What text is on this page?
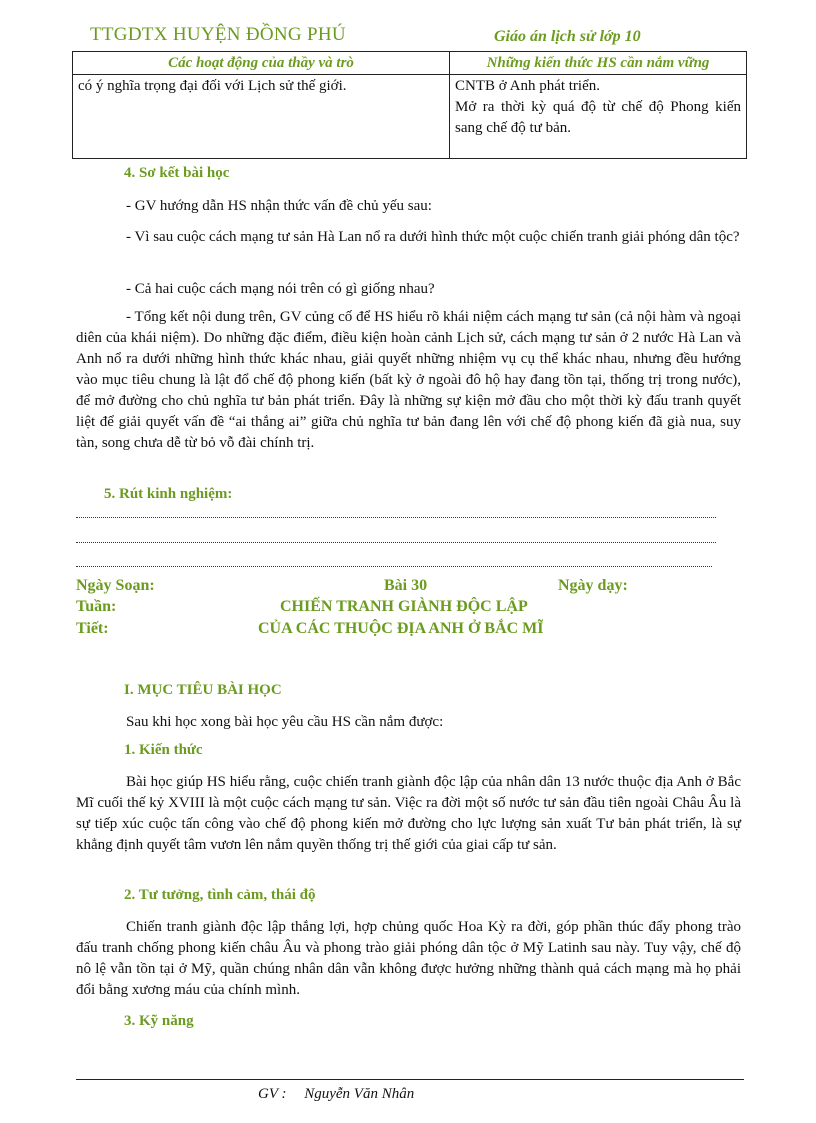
TTGDTX HUYỆN ĐỒNG PHÚ	Giáo án lịch sử lớp 10
Các hoạt động của thầy và trò	Những kiến thức HS cần nắm vững
có ý nghĩa trọng đại đối với Lịch sử thế giới.	CNTB ở Anh phát triển.
Mở ra thời kỳ quá độ từ chế độ Phong kiến sang chế độ tư bản.
4. Sơ kết bài học

- GV hướng dẫn HS nhận thức vấn đề chủ yếu sau:

- Vì sau cuộc cách mạng tư sản Hà Lan nổ ra dưới hình thức một cuộc chiến tranh giải phóng dân tộc?

- Cả hai cuộc cách mạng nói trên có gì giống nhau?

- Tổng kết nội dung trên, GV củng cố để HS hiểu rõ khái niệm cách mạng tư sản (cả nội hàm và ngoại diên của khái niệm). Do những đặc điểm, điều kiện hoàn cảnh Lịch sử, cách mạng tư sản ở 2 nước Hà Lan và Anh nổ ra dưới những hình thức khác nhau, giải quyết những nhiệm vụ cụ thể khác nhau, nhưng đều hướng vào mục tiêu chung là lật đổ chế độ phong kiến (bất kỳ ở ngoài đô hộ hay đang tồn tại, thống trị trong nước), để mở đường cho chủ nghĩa tư bản phát triển. Đây là những sự kiện mở đầu cho một thời kỳ đấu tranh quyết liệt để giải quyết vấn đề “ai thắng ai” giữa chủ nghĩa tư bản đang lên với chế độ phong kiến đã già nua, suy tàn, song chưa dễ từ bỏ vỗ đài chính trị.

5. Rút kinh nghiệm:
Ngày Soạn:	Bài 30	Ngày dạy:
Tuần:	CHIẾN TRANH GIÀNH ĐỘC LẬP
Tiết:	CỦA CÁC THUỘC ĐỊA ANH Ở BẮC MĨ
I. MỤC TIÊU BÀI HỌC

Sau khi học xong bài học yêu cầu HS cần nắm được:

1. Kiến thức

Bài học giúp HS hiểu rằng, cuộc chiến tranh giành độc lập của nhân dân 13 nước thuộc địa Anh ở Bắc Mĩ cuối thế kỷ XVIII là một cuộc cách mạng tư sản. Việc ra đời một số nước tư sản đầu tiên ngoài Châu Âu là sự tiếp xúc cuộc tấn công vào chế độ phong kiến mở đường cho lực lượng sản xuất Tư bản phát triển, là sự khẳng định quyết tâm vươn lên nắm quyền thống trị thế giới của giai cấp tư sản.

2. Tư tưởng, tình cảm, thái độ

Chiến tranh giành độc lập thắng lợi, hợp chủng quốc Hoa Kỳ ra đời, góp phần thúc đẩy phong trào đấu tranh chống phong kiến châu Âu và phong trào giải phóng dân tộc ở Mỹ Latinh sau này. Tuy vậy, chế độ nô lệ vẫn tồn tại ở Mỹ, quần chúng nhân dân vẫn không được hưởng những thành quả cách mạng mà họ phải đổi bằng xương máu của chính mình.

3. Kỹ năng
GV : Nguyễn Văn Nhân
